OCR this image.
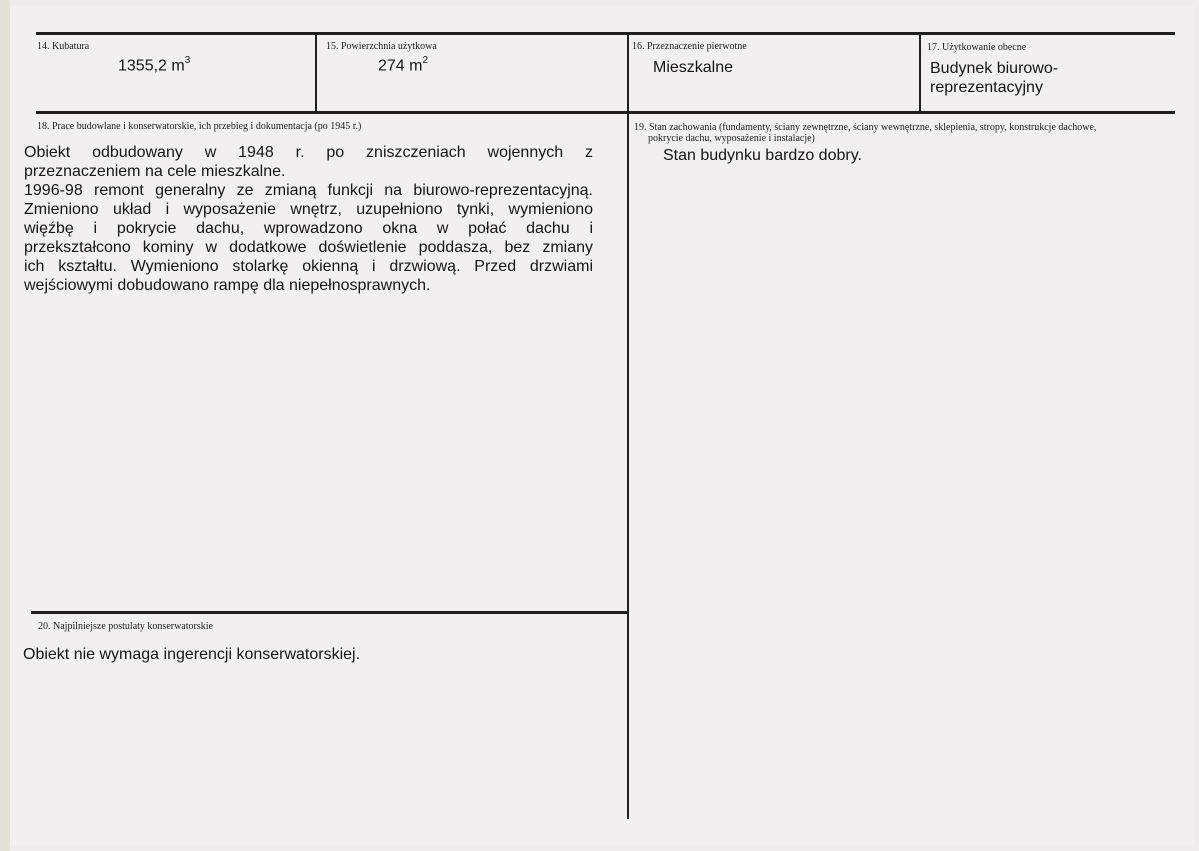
14. Kubatura
1355,2 $m^3$
15. Powierzchnia użytkowa
274 $m^2$
16. Przeznaczenie pierwotne
Mieszkalne
17. Użytkowanie obecne
Budynek biurowo-
reprezentacyjny
18. Prace budowlane i konserwatorskie, ich przebieg i dokumentacja (po 1945 r.)
Obiekt odbudowany w 1948 r. po zniszczeniach wojennych z
przeznaczeniem na cele mieszkalne.
1996-98 remont generalny ze zmianą funkcji na biurowo-reprezentacyjną.
Zmieniono układ i wyposażenie wnętrz, uzupełniono tynki, wymieniono
więźbę i pokrycie dachu, wprowadzono okna w połać dachu i
przekształcono kominy w dodatkowe doświetlenie poddasza, bez zmiany
ich kształtu. Wymieniono stolarkę okienną i drzwiową. Przed drzwiami
wejściowymi dobudowano rampę dla niepełnosprawnych.
19. Stan zachowania (fundamenty, ściany zewnętrzne, ściany wewnętrzne, sklepienia, stropy, konstrukcje dachowe,
pokrycie dachu, wyposażenie i instalacje)
Stan budynku bardzo dobry.
20. Najpilniejsze postulaty konserwatorskie
Obiekt nie wymaga ingerencji konserwatorskiej.
